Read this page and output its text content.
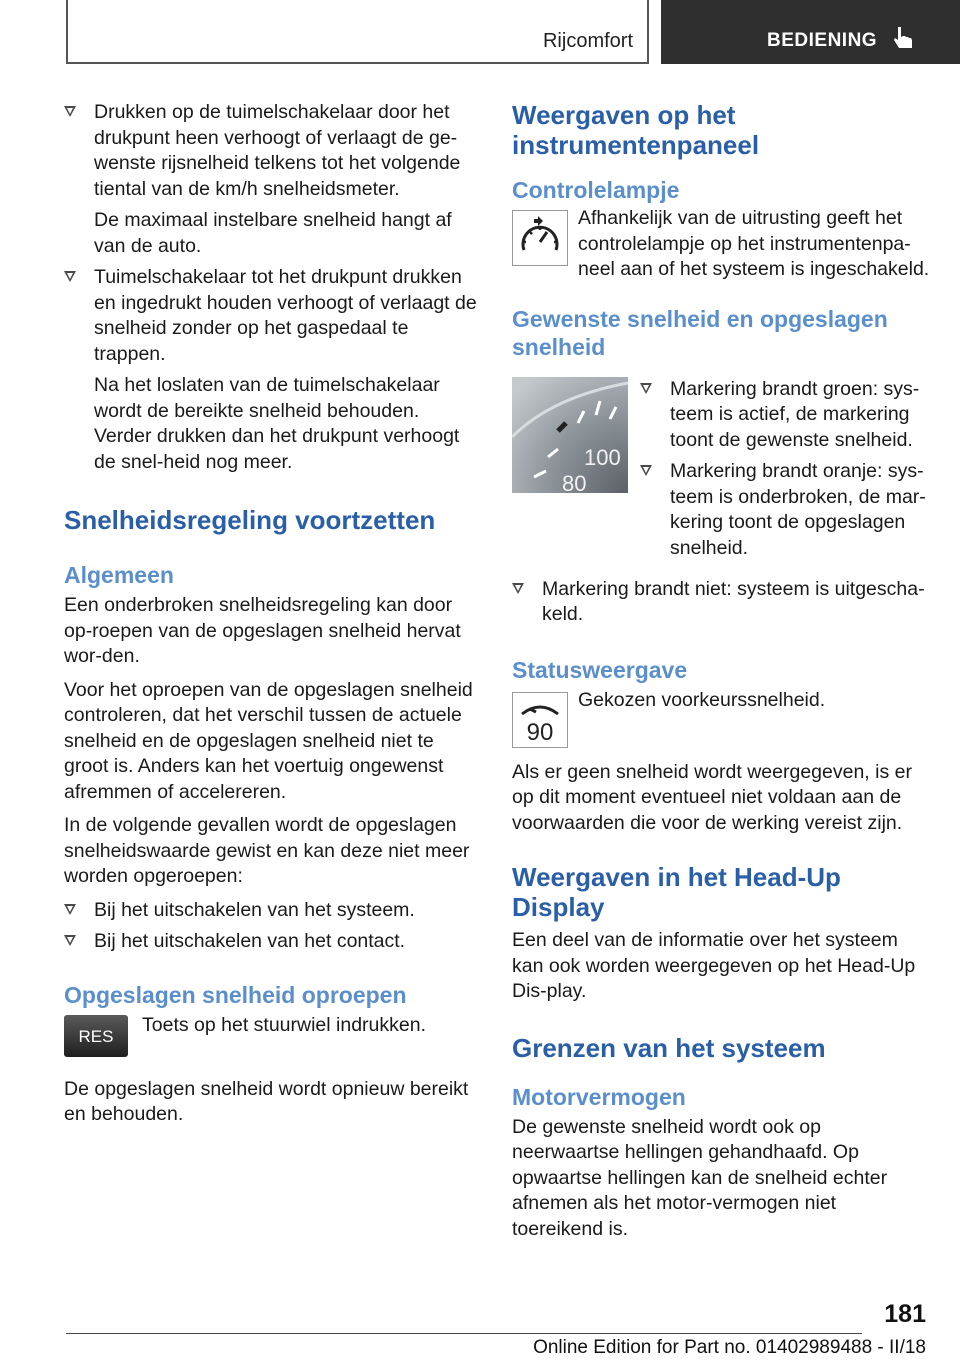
Rijcomfort	BEDIENING

Drukken op de tuimelschakelaar door het drukpunt heen verhoogt of verlaagt de ge-wenste rijsnelheid telkens tot het volgende tiental van de km/h snelheidsmeter.

De maximaal instelbare snelheid hangt af van de auto.

Tuimelschakelaar tot het drukpunt drukken en ingedrukt houden verhoogt of verlaagt de snelheid zonder op het gaspedaal te trappen.

Na het loslaten van de tuimelschakelaar wordt de bereikte snelheid behouden. Verder drukken dan het drukpunt verhoogt de snel-heid nog meer.

Snelheidsregeling voortzetten
Algemeen

Een onderbroken snelheidsregeling kan door op-roepen van de opgeslagen snelheid hervat wor-den.

Voor het oproepen van de opgeslagen snelheid controleren, dat het verschil tussen de actuele snelheid en de opgeslagen snelheid niet te groot is. Anders kan het voertuig ongewenst afremmen of accelereren.

In de volgende gevallen wordt de opgeslagen snelheidswaarde gewist en kan deze niet meer worden opgeroepen:

Bij het uitschakelen van het systeem.

Bij het uitschakelen van het contact.

Opgeslagen snelheid oproepen
RES

Toets op het stuurwiel indrukken.

De opgeslagen snelheid wordt opnieuw bereikt en behouden.

Weergaven op het instrumentenpaneel
Controlelampje

Afhankelijk van de uitrusting geeft het controlelampje op het instrumentenpa-neel aan of het systeem is ingeschakeld.

Gewenste snelheid en opgeslagen snelheid
100
80

Markering brandt groen: sys-teem is actief, de markering toont de gewenste snelheid.

Markering brandt oranje: sys-teem is onderbroken, de mar-kering toont de opgeslagen snelheid.

Markering brandt niet: systeem is uitgescha-keld.

Statusweergave
90

Gekozen voorkeurssnelheid.

Als er geen snelheid wordt weergegeven, is er op dit moment eventueel niet voldaan aan de voorwaarden die voor de werking vereist zijn.

Weergaven in het Head-Up Display

Een deel van de informatie over het systeem kan ook worden weergegeven op het Head-Up Dis-play.

Grenzen van het systeem
Motorvermogen

De gewenste snelheid wordt ook op neerwaartse hellingen gehandhaafd. Op opwaartse hellingen kan de snelheid echter afnemen als het motor-vermogen niet toereikend is.

181
Online Edition for Part no. 01402989488 - II/18
